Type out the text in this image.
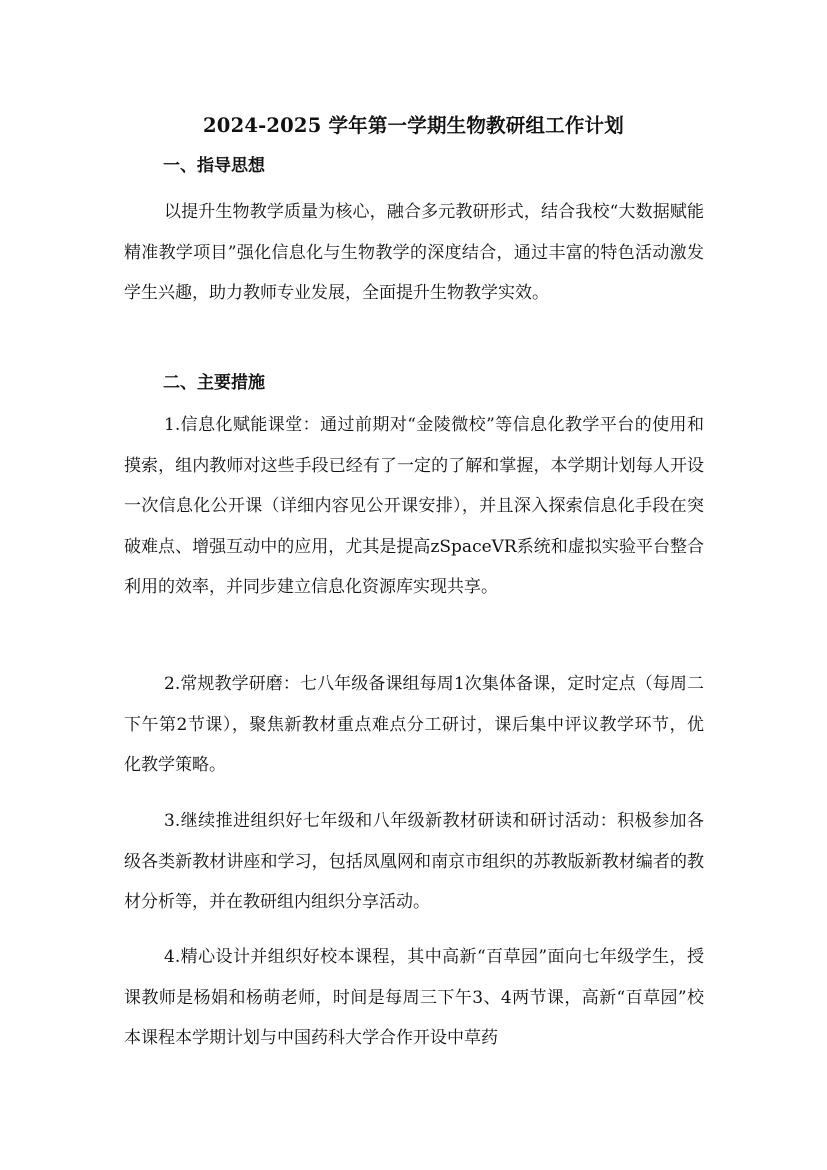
2024-2025 学年第一学期生物教研组工作计划
一、指导思想

以提升生物教学质量为核心，融合多元教研形式，结合我校“大数据赋能精准教学项目”强化信息化与生物教学的深度结合，通过丰富的特色活动激发学生兴趣，助力教师专业发展，全面提升生物教学实效。

二、主要措施

1.信息化赋能课堂：通过前期对“金陵微校”等信息化教学平台的使用和摸索，组内教师对这些手段已经有了一定的了解和掌握，本学期计划每人开设一次信息化公开课（详细内容见公开课安排），并且深入探索信息化手段在突破难点、增强互动中的应用，尤其是提高zSpaceVR系统和虚拟实验平台整合利用的效率，并同步建立信息化资源库实现共享。

2.常规教学研磨：七八年级备课组每周1次集体备课，定时定点（每周二下午第2节课），聚焦新教材重点难点分工研讨，课后集中评议教学环节，优化教学策略。

3.继续推进组织好七年级和八年级新教材研读和研讨活动：积极参加各级各类新教材讲座和学习，包括凤凰网和南京市组织的苏教版新教材编者的教材分析等，并在教研组内组织分享活动。

4.精心设计并组织好校本课程，其中高新“百草园”面向七年级学生，授课教师是杨娟和杨萌老师，时间是每周三下午3、4两节课，高新“百草园”校本课程本学期计划与中国药科大学合作开设中草药
